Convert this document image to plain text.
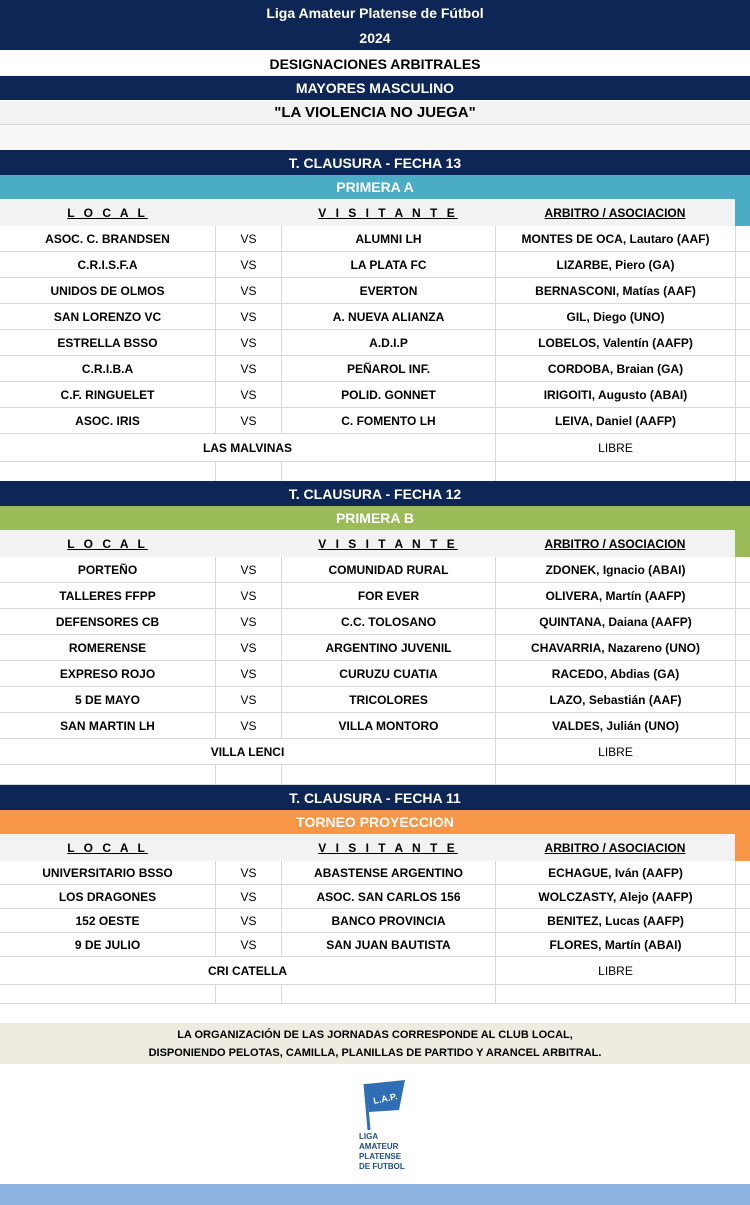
Liga Amateur Platense de Fútbol
2024
DESIGNACIONES ARBITRALES
MAYORES MASCULINO
"LA VIOLENCIA NO JUEGA"
T. CLAUSURA - FECHA 13
PRIMERA A
L O C A L	V I S I T A N T E	ARBITRO / ASOCIACION
ASOC. C. BRANDSEN	VS	ALUMNI LH	MONTES DE OCA, Lautaro (AAF)
C.R.I.S.F.A	VS	LA PLATA FC	LIZARBE, Piero (GA)
UNIDOS DE OLMOS	VS	EVERTON	BERNASCONI, Matías (AAF)
SAN LORENZO VC	VS	A. NUEVA ALIANZA	GIL, Diego (UNO)
ESTRELLA BSSO	VS	A.D.I.P	LOBELOS, Valentín (AAFP)
C.R.I.B.A	VS	PEÑAROL INF.	CORDOBA, Braian (GA)
C.F. RINGUELET	VS	POLID. GONNET	IRIGOITI, Augusto (ABAI)
ASOC. IRIS	VS	C. FOMENTO LH	LEIVA, Daniel (AAFP)
LAS MALVINAS	LIBRE
T. CLAUSURA - FECHA 12
PRIMERA B
L O C A L	V I S I T A N T E	ARBITRO / ASOCIACION
PORTEÑO	VS	COMUNIDAD RURAL	ZDONEK, Ignacio (ABAI)
TALLERES FFPP	VS	FOR EVER	OLIVERA, Martín (AAFP)
DEFENSORES CB	VS	C.C. TOLOSANO	QUINTANA, Daiana (AAFP)
ROMERENSE	VS	ARGENTINO JUVENIL	CHAVARRIA, Nazareno (UNO)
EXPRESO ROJO	VS	CURUZU CUATIA	RACEDO, Abdias (GA)
5 DE MAYO	VS	TRICOLORES	LAZO, Sebastián (AAF)
SAN MARTIN LH	VS	VILLA MONTORO	VALDES, Julián (UNO)
VILLA LENCI	LIBRE
T. CLAUSURA - FECHA 11
TORNEO PROYECCION
L O C A L	V I S I T A N T E	ARBITRO / ASOCIACION
UNIVERSITARIO BSSO	VS	ABASTENSE ARGENTINO	ECHAGUE, Iván (AAFP)
LOS DRAGONES	VS	ASOC. SAN CARLOS 156	WOLCZASTY, Alejo (AAFP)
152 OESTE	VS	BANCO PROVINCIA	BENITEZ, Lucas (AAFP)
9 DE JULIO	VS	SAN JUAN BAUTISTA	FLORES, Martín (ABAI)
CRI CATELLA	LIBRE
LA ORGANIZACIÓN DE LAS JORNADAS CORRESPONDE AL CLUB LOCAL,
DISPONIENDO PELOTAS, CAMILLA, PLANILLAS DE PARTIDO Y ARANCEL ARBITRAL.
L.A.P.
LIGA
AMATEUR
PLATENSE
DE FUTBOL
